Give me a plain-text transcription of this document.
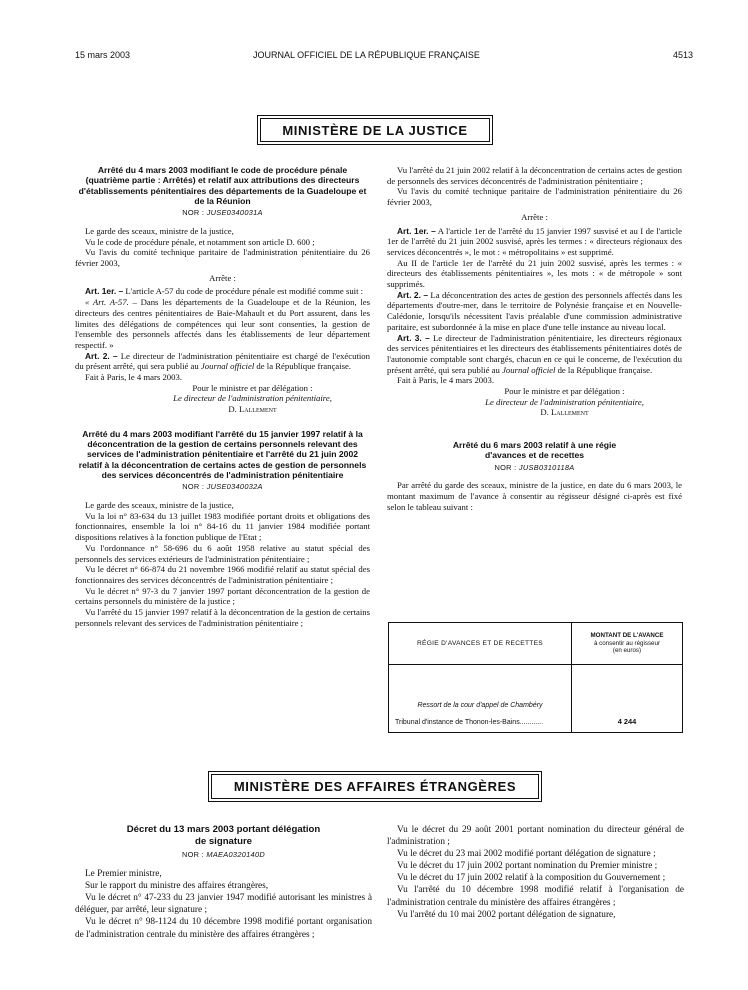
15 mars 2003	JOURNAL OFFICIEL DE LA RÉPUBLIQUE FRANÇAISE	4513
MINISTÈRE DE LA JUSTICE
Arrêté du 4 mars 2003 modifiant le code de procédure pénale (quatrième partie : Arrêtés) et relatif aux attributions des directeurs d'établissements pénitentiaires des départements de la Guadeloupe et de la Réunion
NOR : JUSE0340031A

Le garde des sceaux, ministre de la justice,

Vu le code de procédure pénale, et notamment son article D. 600 ;

Vu l'avis du comité technique paritaire de l'administration pénitentiaire du 26 février 2003,

Arrête :

Art. 1er. – L'article A-57 du code de procédure pénale est modifié comme suit :

« Art. A-57. – Dans les départements de la Guadeloupe et de la Réunion, les directeurs des centres pénitentiaires de Baie-Mahault et du Port assurent, dans les limites des délégations de compétences qui leur sont consenties, la gestion de l'ensemble des personnels affectés dans les établissements de leur département respectif. »

Art. 2. – Le directeur de l'administration pénitentiaire est chargé de l'exécution du présent arrêté, qui sera publié au Journal officiel de la République française.

Fait à Paris, le 4 mars 2003.

Pour le ministre et par délégation :

Le directeur de l'administration pénitentiaire,

D. Lallement

Arrêté du 4 mars 2003 modifiant l'arrêté du 15 janvier 1997 relatif à la déconcentration de la gestion de certains personnels relevant des services de l'administration pénitentiaire et l'arrêté du 21 juin 2002 relatif à la déconcentration de certains actes de gestion de personnels des services déconcentrés de l'administration pénitentiaire
NOR : JUSE0340032A

Le garde des sceaux, ministre de la justice,

Vu la loi n° 83-634 du 13 juillet 1983 modifiée portant droits et obligations des fonctionnaires, ensemble la loi n° 84-16 du 11 janvier 1984 modifiée portant dispositions relatives à la fonction publique de l'Etat ;

Vu l'ordonnance n° 58-696 du 6 août 1958 relative au statut spécial des personnels des services extérieurs de l'administration pénitentiaire ;

Vu le décret n° 66-874 du 21 novembre 1966 modifié relatif au statut spécial des fonctionnaires des services déconcentrés de l'administration pénitentiaire ;

Vu le décret n° 97-3 du 7 janvier 1997 portant déconcentration de la gestion de certains personnels du ministère de la justice ;

Vu l'arrêté du 15 janvier 1997 relatif à la déconcentration de la gestion de certains personnels relevant des services de l'administration pénitentiaire ;

Vu l'arrêté du 21 juin 2002 relatif à la déconcentration de certains actes de gestion de personnels des services déconcentrés de l'administration pénitentiaire ;

Vu l'avis du comité technique paritaire de l'administration pénitentiaire du 26 février 2003,

Arrête :

Art. 1er. – A l'article 1er de l'arrêté du 15 janvier 1997 susvisé et au I de l'article 1er de l'arrêté du 21 juin 2002 susvisé, après les termes : « directeurs régionaux des services déconcentrés », le mot : « métropolitains » est supprimé.

Au II de l'article 1er de l'arrêté du 21 juin 2002 susvisé, après les termes : « directeurs des établissements pénitentiaires », les mots : « de métropole » sont supprimés.

Art. 2. – La déconcentration des actes de gestion des personnels affectés dans les départements d'outre-mer, dans le territoire de Polynésie française et en Nouvelle-Calédonie, lorsqu'ils nécessitent l'avis préalable d'une commission administrative paritaire, est subordonnée à la mise en place d'une telle instance au niveau local.

Art. 3. – Le directeur de l'administration pénitentiaire, les directeurs régionaux des services pénitentiaires et les directeurs des établissements pénitentiaires dotés de l'autonomie comptable sont chargés, chacun en ce qui le concerne, de l'exécution du présent arrêté, qui sera publié au Journal officiel de la République française.

Fait à Paris, le 4 mars 2003.

Pour le ministre et par délégation :

Le directeur de l'administration pénitentiaire,

D. Lallement

Arrêté du 6 mars 2003 relatif à une régie d'avances et de recettes
NOR : JUSB0310118A

Par arrêté du garde des sceaux, ministre de la justice, en date du 6 mars 2003, le montant maximum de l'avance à consentir au régisseur désigné ci-après est fixé selon le tableau suivant :

RÉGIE D'AVANCES ET DE RECETTES	MONTANT DE L'AVANCE
à consentir au régisseur
(en euros)

Ressort de la cour d'appel de Chambéry
Tribunal d'instance de Thonon-les-Bains............	4 244
MINISTÈRE DES AFFAIRES ÉTRANGÈRES
Décret du 13 mars 2003 portant délégation de signature
NOR : MAEA0320140D

Le Premier ministre,

Sur le rapport du ministre des affaires étrangères,

Vu le décret n° 47-233 du 23 janvier 1947 modifié autorisant les ministres à déléguer, par arrêté, leur signature ;

Vu le décret n° 98-1124 du 10 décembre 1998 modifié portant organisation de l'administration centrale du ministère des affaires étrangères ;

Vu le décret du 29 août 2001 portant nomination du directeur général de l'administration ;

Vu le décret du 23 mai 2002 modifié portant délégation de signature ;

Vu le décret du 17 juin 2002 portant nomination du Premier ministre ;

Vu le décret du 17 juin 2002 relatif à la composition du Gouvernement ;

Vu l'arrêté du 10 décembre 1998 modifié relatif à l'organisation de l'administration centrale du ministère des affaires étrangères ;

Vu l'arrêté du 10 mai 2002 portant délégation de signature,
